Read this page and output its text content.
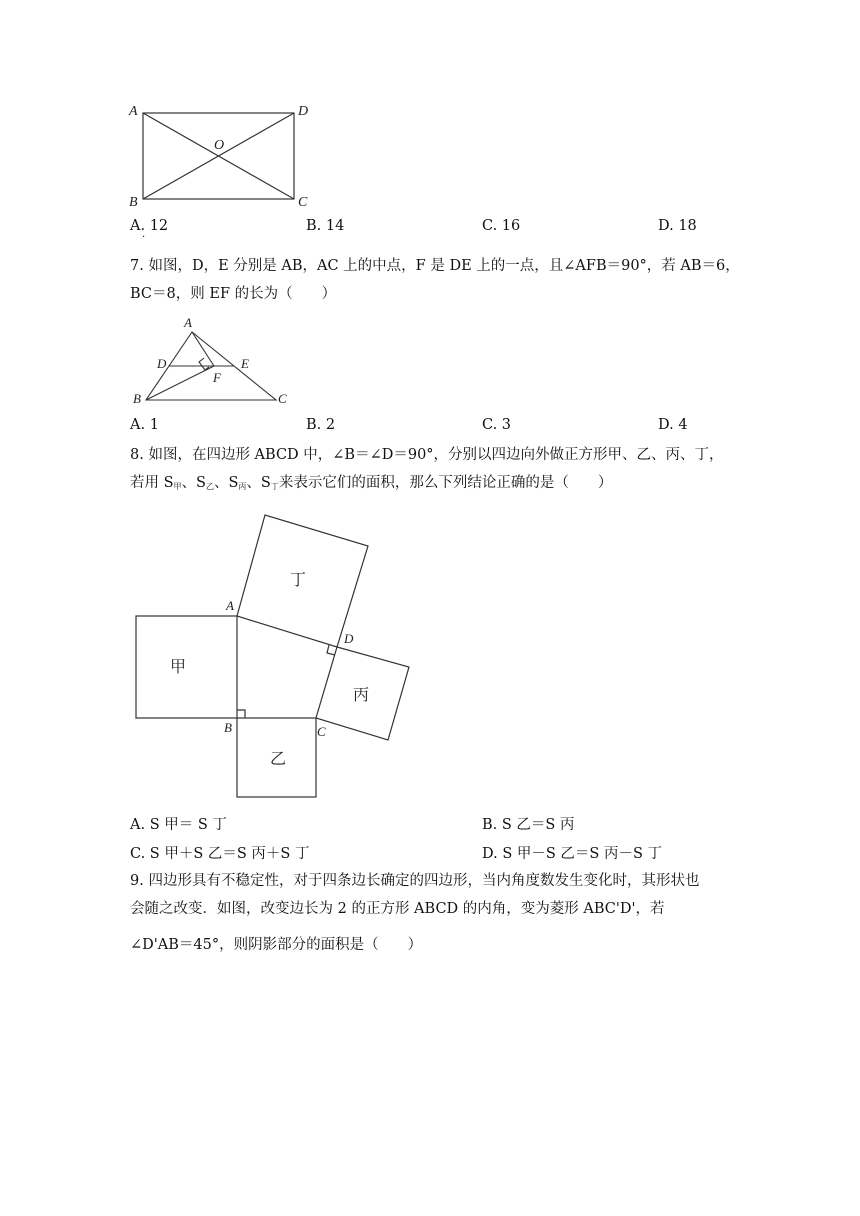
A	D
B	C
O
A. 12
·
B. 14	C. 16	D. 18
7. 如图，D，E 分别是 AB，AC 上的中点，F 是 DE 上的一点，且∠AFB＝90°，若 AB＝6，
BC＝8，则 EF 的长为（　　）
A
D	E
F
B	C
A. 1	B. 2	C. 3	D. 4
8. 如图，在四边形 ABCD 中，∠B＝∠D＝90°，分别以四边向外做正方形甲、乙、丙、丁，
若用 $S_甲$、$S_乙$、$S_丙$、$S_丁$来表示它们的面积，那么下列结论正确的是（　　）
A
D
B	C
甲
乙
丙
丁
A. S 甲＝ S 丁	B. S 乙＝S 丙
C. S 甲＋S 乙＝S 丙＋S 丁	D. S 甲－S 乙＝S 丙－S 丁
9. 四边形具有不稳定性，对于四条边长确定的四边形，当内角度数发生变化时，其形状也
会随之改变．如图，改变边长为 2 的正方形 ABCD 的内角，变为菱形 ABC'D'，若
∠D'AB＝45°，则阴影部分的面积是（　　）
